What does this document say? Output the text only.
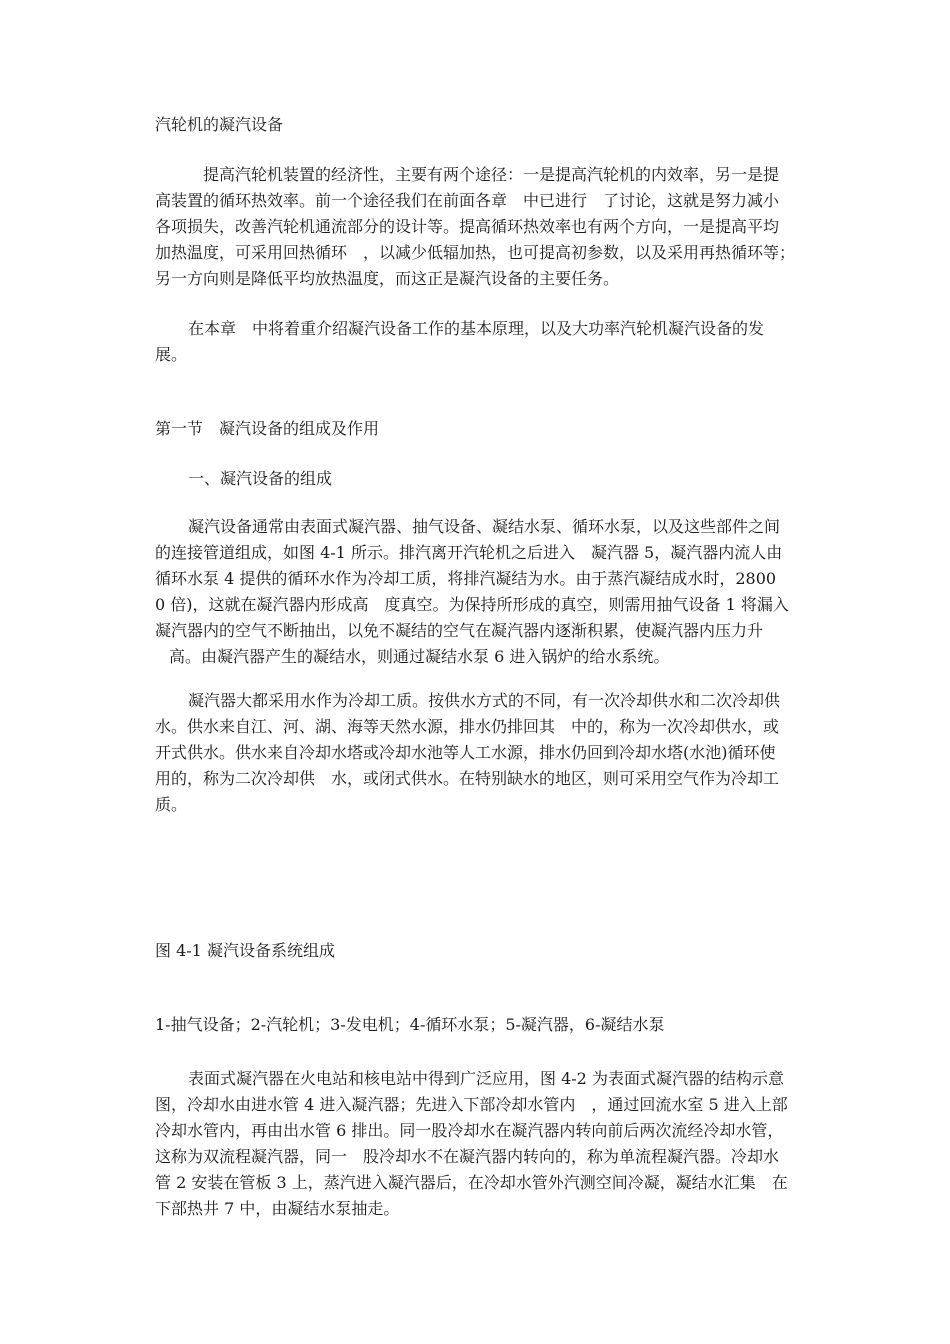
汽轮机的凝汽设备

提高汽轮机装置的经济性，主要有两个途径：一是提高汽轮机的内效率，另一是提
高装置的循环热效率。前一个途径我们在前面各章　中已进行　了讨论，这就是努力减小
各项损失，改善汽轮机通流部分的设计等。提高循环热效率也有两个方向，一是提高平均
加热温度，可采用回热循环　，以减少低辐加热，也可提高初参数，以及采用再热循环等；
另一方向则是降低平均放热温度，而这正是凝汽设备的主要任务。
在本章　中将着重介绍凝汽设备工作的基本原理，以及大功率汽轮机凝汽设备的发
展。

第一节　凝汽设备的组成及作用

一、凝汽设备的组成

凝汽设备通常由表面式凝汽器、抽气设备、凝结水泵、循环水泵，以及这些部件之间
的连接管道组成，如图 4-1 所示。排汽离开汽轮机之后进入　凝汽器 5，凝汽器内流人由
循环水泵 4 提供的循环水作为冷却工质，将排汽凝结为水。由于蒸汽凝结成水时，2800
0 倍)，这就在凝汽器内形成高　度真空。为保持所形成的真空，则需用抽气设备 1 将漏入
凝汽器内的空气不断抽出，以免不凝结的空气在凝汽器内逐渐积累，使凝汽器内压力升
高。由凝汽器产生的凝结水，则通过凝结水泵 6 进入锅炉的给水系统。
凝汽器大都采用水作为冷却工质。按供水方式的不同，有一次冷却供水和二次冷却供
水。供水来自江、河、湖、海等天然水源，排水仍排回其　中的，称为一次冷却供水，或
开式供水。供水来自冷却水塔或冷却水池等人工水源，排水仍回到冷却水塔(水池)循环使
用的，称为二次冷却供　水，或闭式供水。在特别缺水的地区，则可采用空气作为冷却工
质。

图 4-1 凝汽设备系统组成

1-抽气设备；2-汽轮机；3-发电机；4-循环水泵；5-凝汽器，6-凝结水泵

表面式凝汽器在火电站和核电站中得到广泛应用，图 4-2 为表面式凝汽器的结构示意
图，冷却水由进水管 4 进入凝汽器；先进入下部冷却水管内　，通过回流水室 5 进入上部
冷却水管内，再由出水管 6 排出。同一股冷却水在凝汽器内转向前后两次流经冷却水管，
这称为双流程凝汽器，同一　股冷却水不在凝汽器内转向的，称为单流程凝汽器。冷却水
管 2 安装在管板 3 上，蒸汽进入凝汽器后，在冷却水管外汽测空间冷凝，凝结水汇集　在
下部热井 7 中，由凝结水泵抽走。
